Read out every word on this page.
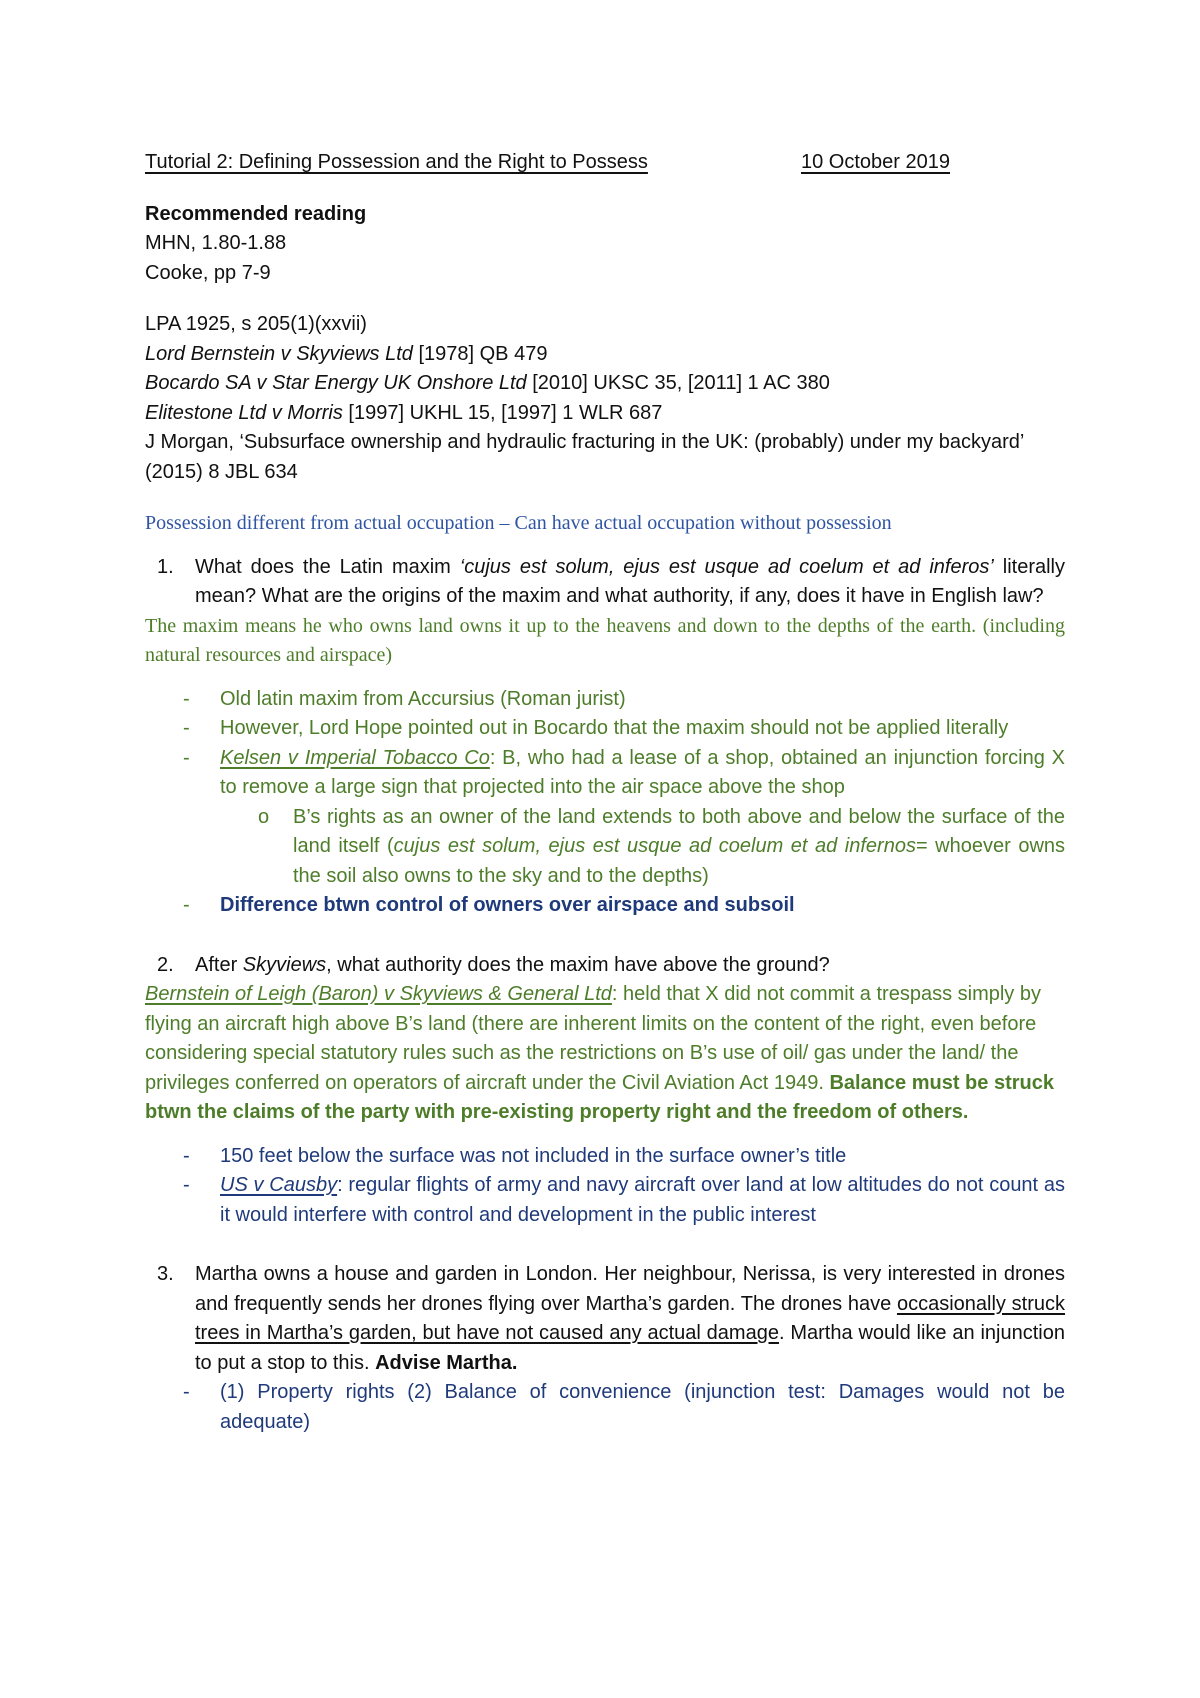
Tutorial 2: Defining Possession and the Right to Possess	10 October 2019
Recommended reading
MHN, 1.80-1.88
Cooke, pp 7-9
LPA 1925, s 205(1)(xxvii)
Lord Bernstein v Skyviews Ltd [1978] QB 479
Bocardo SA v Star Energy UK Onshore Ltd [2010] UKSC 35, [2011] 1 AC 380
Elitestone Ltd v Morris [1997] UKHL 15, [1997] 1 WLR 687
J Morgan, ‘Subsurface ownership and hydraulic fracturing in the UK: (probably) under my backyard’ (2015) 8 JBL 634
Possession different from actual occupation – Can have actual occupation without possession
1. What does the Latin maxim ‘cujus est solum, ejus est usque ad coelum et ad inferos’ literally mean? What are the origins of the maxim and what authority, if any, does it have in English law?
The maxim means he who owns land owns it up to the heavens and down to the depths of the earth. (including natural resources and airspace)
- Old latin maxim from Accursius (Roman jurist)
- However, Lord Hope pointed out in Bocardo that the maxim should not be applied literally
- Kelsen v Imperial Tobacco Co: B, who had a lease of a shop, obtained an injunction forcing X to remove a large sign that projected into the air space above the shop
o B’s rights as an owner of the land extends to both above and below the surface of the land itself (cujus est solum, ejus est usque ad coelum et ad infernos= whoever owns the soil also owns to the sky and to the depths)
- Difference btwn control of owners over airspace and subsoil
2. After Skyviews, what authority does the maxim have above the ground?
Bernstein of Leigh (Baron) v Skyviews & General Ltd: held that X did not commit a trespass simply by flying an aircraft high above B’s land (there are inherent limits on the content of the right, even before considering special statutory rules such as the restrictions on B’s use of oil/ gas under the land/ the privileges conferred on operators of aircraft under the Civil Aviation Act 1949. Balance must be struck btwn the claims of the party with pre-existing property right and the freedom of others.
- 150 feet below the surface was not included in the surface owner’s title
- US v Causby: regular flights of army and navy aircraft over land at low altitudes do not count as it would interfere with control and development in the public interest
3. Martha owns a house and garden in London. Her neighbour, Nerissa, is very interested in drones and frequently sends her drones flying over Martha’s garden. The drones have occasionally struck trees in Martha’s garden, but have not caused any actual damage. Martha would like an injunction to put a stop to this. Advise Martha.
- (1) Property rights (2) Balance of convenience (injunction test: Damages would not be adequate)
